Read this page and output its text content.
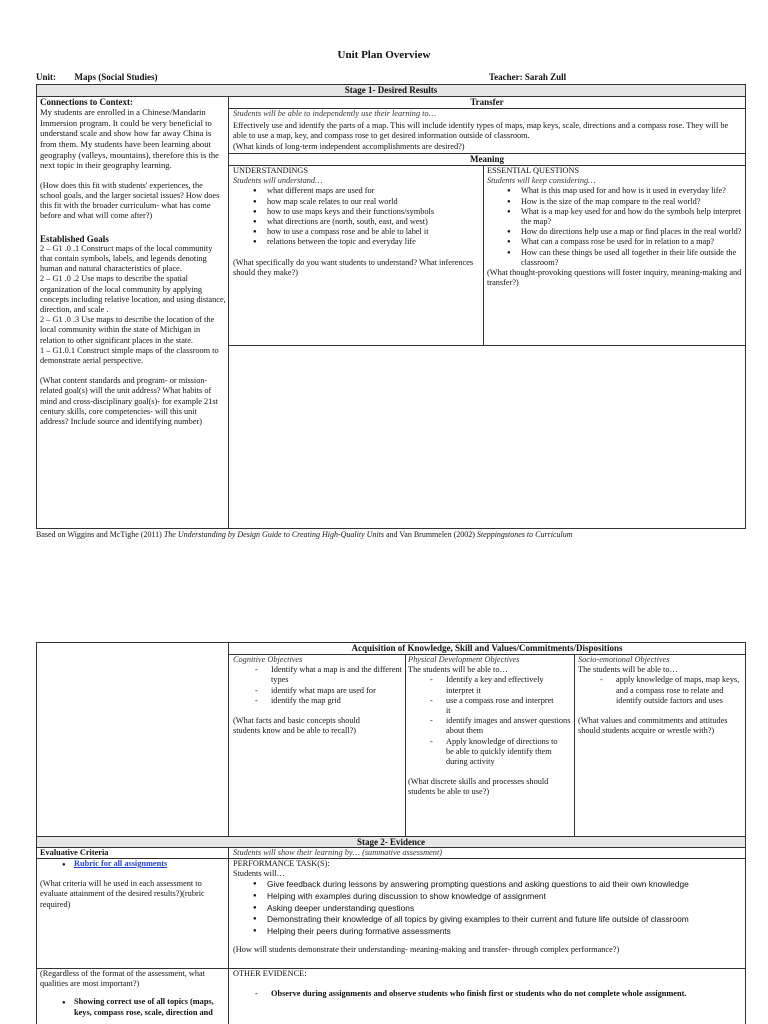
Unit Plan Overview
Unit: Maps (Social Studies)	Teacher: Sarah Zull
Stage 1- Desired Results
Connections to Context:
My students are enrolled in a Chinese/Mandarin Immersion program. It could be very beneficial to understand scale and show how far away China is from them. My students have been learning about geography (valleys, mountains), therefore this is the next topic in their geography learning.
(How does this fit with students' experiences, the school goals, and the larger societal issues? How does this fit with the broader curriculum- what has come before and what will come after?)
Established Goals
2 – G1 .0 .1 Construct maps of the local community that contain symbols, labels, and legends denoting human and natural characteristics of place.
2 – G1 .0 .2 Use maps to describe the spatial organization of the local community by applying concepts including relative location, and using distance, direction, and scale .
2 – G1 .0 .3 Use maps to describe the location of the local community within the state of Michigan in relation to other significant places in the state.
1 – G1.0.1 Construct simple maps of the classroom to demonstrate aerial perspective.
(What content standards and program- or mission-related goal(s) will the unit address? What habits of mind and cross-disciplinary goal(s)- for example 21st century skills, core competencies- will this unit address? Include source and identifying number)
Transfer
Students will be able to independently use their learning to…
Effectively use and identify the parts of a map. This will include identify types of maps, map keys, scale, directions and a compass rose. They will be able to use a map, key, and compass rose to get desired information outside of classroom.
(What kinds of long-term independent accomplishments are desired?)
Meaning
UNDERSTANDINGS
Students will understand…
● what different maps are used for
● how map scale relates to our real world
● how to use maps keys and their functions/symbols
● what directions are (north, south, east, and west)
● how to use a compass rose and be able to label it
● relations between the topic and everyday life
(What specifically do you want students to understand? What inferences should they make?)
ESSENTIAL QUESTIONS
Students will keep considering…
● What is this map used for and how is it used in everyday life?
● How is the size of the map compare to the real world?
● What is a map key used for and how do the symbols help interpret the map?
● How do directions help use a map or find places in the real world?
● What can a compass rose be used for in relation to a map?
● How can these things be used all together in their life outside the classroom?
(What thought-provoking questions will foster inquiry, meaning-making and transfer?)
Based on Wiggins and McTighe (2011) The Understanding by Design Guide to Creating High-Quality Units and Van Brummelen (2002) Steppingstones to Curriculum
Acquisition of Knowledge, Skill and Values/Commitments/Dispositions
Cognitive Objectives
- Identify what a map is and the different types
- identify what maps are used for
- identify the map grid
(What facts and basic concepts should students know and be able to recall?)
Physical Development Objectives
The students will be able to…
- Identify a key and effectively interpret it
- use a compass rose and interpret it
- identify images and answer questions about them
- Apply knowledge of directions to be able to quickly identify them during activity
(What discrete skills and processes should students be able to use?)
Socio-emotional Objectives
The students will be able to…
- apply knowledge of maps, map keys, and a compass rose to relate and identify outside factors and uses
(What values and commitments and attitudes should students acquire or wrestle with?)
Stage 2- Evidence
Evaluative Criteria	Students will show their learning by… (summative assessment)
● Rubric for all assignments
(What criteria will be used in each assessment to evaluate attainment of the desired results?)(rubric required)
PERFORMANCE TASK(S):
Students will…
● Give feedback during lessons by answering prompting questions and asking questions to aid their own knowledge
● Helping with examples during discussion to show knowledge of assignment
● Asking deeper understanding questions
● Demonstrating their knowledge of all topics by giving examples to their current and future life outside of classroom
● Helping their peers during formative assessments
(How will students demonstrate their understanding- meaning-making and transfer- through complex performance?)
(Regardless of the format of the assessment, what qualities are most important?)
● Showing correct use of all topics (maps, keys, compass rose, scale, direction and
OTHER EVIDENCE:
- Observe during assignments and observe students who finish first or students who do not complete whole assignment.
